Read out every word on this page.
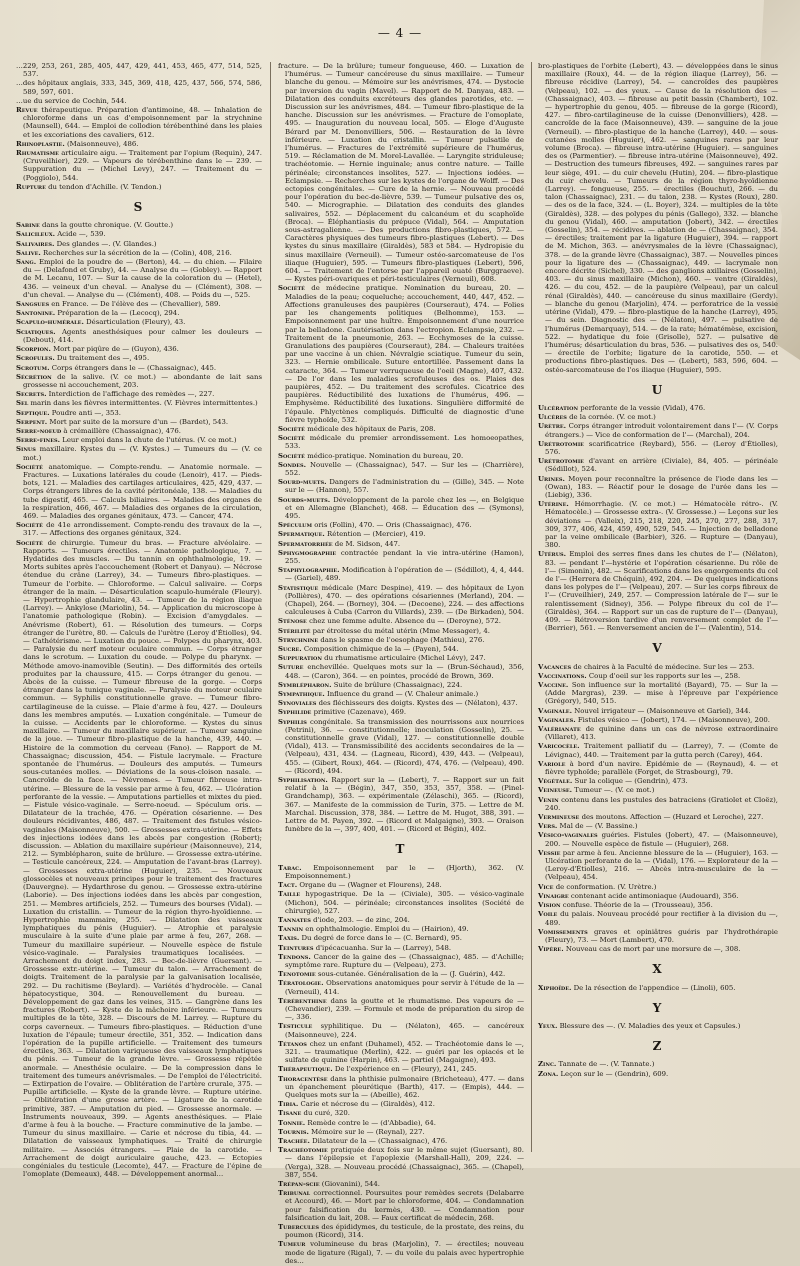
— 4 —
…229, 253, 261, 285, 405, 447, 429, 441, 453, 465, 477, 514, 525, 537.
…des hôpitaux anglais, 333, 345, 369, 418, 425, 437, 566, 574, 586, 589, 597, 601.
…ue du service de Cochin, 544.
Revue thérapeutique. Préparation d'antimoine, 48. — Inhalation de chloroforme dans un cas d'empoisonnement par la strychnine (Maunsell), 644. — Emploi de collodion térébenthiné dans les plaies et les excoriations des cavaliers, 612.
Rhinoplastie. (Maisonneuve), 486.
Rhumatisme articulaire aigu. — Traitement par l'opium (Requin), 247. (Cruveilhier), 229. — Vapeurs de térébenthine dans le — 239. — Suppuration du — (Michel Levy), 247. — Traitement du — (Poggiolo), 544.
Rupture du tendon d'Achille. (V. Tendon.)
S
Sabine dans la goutte chronique. (V. Goutte.)
Salicileux. Acide —, 539.
Salivaires. Des glandes —. (V. Glandes.)
Salive. Recherches sur la sécrétion de la — (Colin), 408, 216.
Sang. Emploi de la poudre de — (Berton), 44. — du chien. — Filaire du — (Delafond et Gruby), 44. — Analyse du — (Gobley). — Rapport de M. Lecanu, 107. — Sur la cause de la coloration du — (Hetel), 436. — veineux d'un cheval. — Analyse du — (Clément), 308. — d'un cheval. — Analyse du — (Clément), 408. — Poids du —, 525.
Sangsues en France. — De l'élève des — (Chevallier), 589.
Santonine. Préparation de la — (Lecocq), 294.
Scapulo-humérale. Désarticulation (Fleury), 43.
Sciatiques. Agents anesthésiques pour calmer les douleurs — (Debout), 414.
Scorpion. Mort par piqûre de — (Guyon), 436.
Scrofules. Du traitement des —, 495.
Scrotum. Corps étrangers dans le — (Chassaignac), 445.
Sécrétion de la salive. (V. ce mot.) — abondante de lait sans grossesse ni accouchement, 203.
Secrets. Interdiction de l'affichage des remèdes —, 227.
Sel marin dans les fièvres intermittentes. (V. Fièvres intermittentes.)
Septique. Poudre anti —, 353.
Serpent. Mort par suite de la morsure d'un — (Bardet), 543.
Serre-noeud à crémaillère (Chassaignac), 476.
Serre-fines. Leur emploi dans la chute de l'utérus. (V. ce mot.)
Sinus maxillaire. Kystes du — (V. Kystes.) — Tumeurs du — (V. ce mot.)
Société anatomique. — Compte-rendu. — Anatomie normale. — Fractures. — Luxations latérales du coude (Lenoir), 417. — Pieds-bots, 121. — Maladies des cartilages articulaires, 425, 429, 437. — Corps étrangers libres de la cavité péritonéale, 138. — Maladies du tube digestif, 465. — Calculs biliaires. — Maladies des organes de la respiration, 466, 467. — Maladies des organes de la circulation, 469. — Maladies des organes génitaux, 473. — Cancer, 474.
Société de 41e arrondissement. Compte-rendu des travaux de la —, 317. — Affections des organes génitaux, 324.
Société de chirurgie. Tumeur du bras. — Fracture alvéolaire. — Rapports. — Tumeurs érectiles. — Anatomie pathologique, 7. — Hydatides des muscles. — Du tannin en ophthalmologie, 19. — Morts subites après l'accouchement (Robert et Danyau). — Nécrose étendue du crâne (Larrey), 34. — Tumeurs fibro-plastiques. — Tumeur de l'orbite. — Chloroforme. — Calcul salivaire. — Corps étranger de la main. — Désarticulation scapulo-humérale (Fleury). — Hypertrophie glandulaire, 43. — Tumeur de la région iliaque (Larrey). — Ankylose (Mariolin), 54. — Application du microscope à l'anatomie pathologique (Robin). — Excision d'amygdales. — Anévrisme (Robert), 61. — Résolution des tumeurs. — Corps étranger de l'urètre, 80. — Calculs de l'urètre (Leroy d'Étiolles), 94. — Cathétérisme. — Luxation du pouce. — Polypes du pharynx, 403. — Paralysie du nerf moteur oculaire commun. — Corps étranger dans le scrotum. — Luxation du coude. — Polype du pharynx. — Méthode amovo-inamovible (Seutin). — Des difformités des orteils produites par la chaussure, 415. — Corps étranger du genou. — Abcès de la cuisse. — Tumeur fibreuse de la gorge. — Corps étranger dans la tunique vaginale. — Paralysie du moteur oculaire commun. — Syphilis constitutionnelle grave. — Tumeur fibro-cartilagineuse de la cuisse. — Plaie d'arme à feu, 427. — Douleurs dans les membres amputés. — Luxation congénitale. — Tumeur de la cuisse. — Accidents par le chloroforme. — Kystes du sinus maxillaire. — Tumeur du maxillaire supérieur. — Tumeur sanguine de la joue. — Tumeur fibro-plastique de la hanche, 439, 440. — Histoire de la commotion du cerveau (Fano). — Rapport de M. Chassaignac; discussion, 454. — Fistule lacrymale. — Fracture spontanée de l'humérus. — Douleurs des amputés. — Tumeurs sous-cutanées molles. — Déviations de la sous-cloison nasale. — Cancroïde de la face. — Névromes. — Tumeur fibreuse intra-utérine. — Blessure de la vessie par arme à feu, 462. — Ulcération perforante de la vessie. — Amputations partielles et mixtes du pied. — Fistule vésico-vaginale. — Serre-noeud. — Spéculum oris. — Dilatateur de la trachée, 476. — Opération césarienne. — Des douleurs récidivantes, 486, 487. — Traitement des fistules vésico-vaginales (Maisonneuve), 500. — Grossesses extra-utérine. — Effets des injections iodées dans les abcès par congestion (Robert); discussion. — Ablation du maxillaire supérieur (Maisonneuve), 214, 212. — Symblépharon, suite de brûlure. — Grossesse extra-utérine. — Testicule cancéreux, 224. — Amputation de l'avant-bras (Larrey). — Grossesses extra-utérine (Huguier), 235. — Nouveaux glossocèles et nouveaux principes pour le traitement des fractures (Dauvergne). — Hydarthrose du genou. — Grossesse extra-utérine (Laborie). — Des injections iodées dans les abcès par congestion, 251. — Membres artificiels, 252. — Tumeurs des bourses (Vidal). — Luxation du cristallin. — Tumeur de la région thyro-hyoïdienne. — Hypertrophie mammaire, 255. — Dilatation des vaisseaux lymphatiques du pénis (Huguier). — Atrophie et paralysie musculaire à la suite d'une plaie par arme à feu, 267, 268. — Tumeur du maxillaire supérieur. — Nouvelle espèce de fistule vésico-vaginale. — Paralysies traumatiques localisées. — Arrachement du doigt index, 283. — Bec-de-lièvre (Guersant). — Grossesse extr.-utérine. — Tumeur du talon. — Arrachement de doigts. Traitement de la paralysie par la galvanisation localisée, 292. — Du rachitisme (Beylard). — Variétés d'hydrocèle. — Canal hépatocystique, 304. — Renouvellement du bureau. — Développement de gaz dans les veines, 315. — Gangrène dans les fractures (Robert). — Kyste de la mâchoire inférieure. — Tumeurs multiples de la tête, 328. — Discours de M. Larrey. — Rupture du corps caverneux. — Tumeurs fibro-plastiques. — Réduction d'une luxation de l'épaule; tumeur érectile, 351, 352. — Indication dans l'opération de la pupille artificielle. — Traitement des tumeurs érectiles, 363. — Dilatation variqueuse des vaisseaux lymphatiques du pénis. — Tumeur de la grande lèvre. — Grossesse répétée anormale. — Anesthésie oculaire. — De la compression dans le traitement des tumeurs anévrismales. — De l'emploi de l'électricité. — Extirpation de l'ovaire. — Oblitération de l'artère crurale, 375. — Pupille artificielle. — Kyste de la grande lèvre. — Rupture utérine. — Oblitération d'une grosse artère. — Ligature de la carotide primitive, 387. — Amputation du pied. — Grossesse anormale. — Instruments nouveaux, 399. — Agents anesthésiques. — Plaie d'arme à feu à la bouche. — Fracture comminutive de la jambe. — Tumeur du sinus maxillaire. — Carie et nécrose du tibia, 44. — Dilatation de vaisseaux lymphatiques. — Traité de chirurgie militaire. — Associés étrangers. — Plaie de la carotide. — Arrachement de doigt auriculaire gauche, 423. — Ectopies congéniales du testicule (Lecomte), 447. — Fracture de l'épine de l'omoplate (Demeaux), 448. — Développement anormal…
fracture. — De la brûlure; tumeur fongueuse, 460. — Luxation de l'humérus. — Tumeur cancéreuse du sinus maxillaire. — Tumeur blanche du genou. — Mémoire sur les anévrismes, 474. — Dystocie par inversion du vagin (Mavel). — Rapport de M. Danyau, 483. — Dilatation des conduits excréteurs des glandes parotides, etc. — Discussion sur les anévrismes, 484. — Tumeur fibro-plastique de la hanche. Discussion sur les anévrismes. — Fracture de l'omoplate, 495. — Inauguration du nouveau local, 505. — Éloge d'Auguste Bérard par M. Denonvilliers, 506. — Restauration de la lèvre inférieure. — Luxation du cristallin. — Tumeur pulsatile de l'humérus. — Fractures de l'extrémité supérieure de l'humérus, 519. — Réclamation de M. Morel-Lavallée. — Laryngite striduleuse; trachéotomie. — Hernie inguinale; anus contre nature. — Taille périnéale; circonstances insolites, 527. — Injections iodées. — Eclampsie. — Recherches sur les kystes de l'organe de Wolff. — Des ectopies congénitales. — Cure de la hernie. — Nouveau procédé pour l'opération du bec-de-lièvre, 539. — Tumeur pulsative des os, 540. — Micrographie. — Dilatation des conduits des glandes salivaires, 552. — Déplacement du calcanéum et du scaphoïde (Broca). — Éléphantiasis du prépuce (Vidal), 564. — Amputation sous-astragalienne. — Des productions fibro-plastiques, 572. — Caractères physiques des tumeurs fibro-plastiques (Lebert). — Des kystes du sinus maxillaire (Giraldès), 583 et 584. — Hydropisie du sinus maxillaire (Verneuil). — Tumeur ostéo-sarcomateuse de l'os iliaque (Huguier), 595. — Tumeurs fibro-plastiques (Lebert), 596, 604. — Traitement de l'entorse par l'appareil ouaté (Burggraeve). — Kystes péri-ovariques et péri-testiculaires (Verneuil), 608.
Société de médecine pratique. Nomination du bureau, 20. — Maladies de la peau; coqueluche; accouchement, 440, 447, 452. — Affections granuleuses des paupières (Courseraut), 474. — Folies par les changements politiques (Belhomme), 153. — Empoisonnement par une huître. Empoisonnement d'une nourrice par la belladone. Cautérisation dans l'ectropion. Eclampsie, 232. — Traitement de la pneumonie, 263. — Ecchymoses de la cuisse. Granulations des paupières (Courseraut), 284. — Chaleurs traitées par une vaccine à un chien. Névralgie sciatique. Tumeur du sein, 323. — Hernie ombilicale. Suture entortillée. Passement dans la cataracte, 364. — Tumeur verruqueuse de l'oeil (Magne), 407, 432. — De l'or dans les maladies scrofuleuses des os. Plaies des paupières, 452. — Du traitement des scrofules. Cicatrice des paupières. Réductibilité des luxations de l'humérus, 496. — Emphysème. Réductibilité des luxations. Singulière difformité de l'épaule. Phlyctènes compliqués. Difficulté de diagnostic d'une fièvre typhoïde, 532.
Société médicale des hôpitaux de Paris, 208.
Société médicale du premier arrondissement. Les homoeopathes, 533.
Société médico-pratique. Nomination du bureau, 20.
Sondes. Nouvelle — (Chassaignac), 547. — Sur les — (Charrière), 552.
Sourd-muets. Dangers de l'administration du — (Gille), 345. — Note sur le — (Hannon), 557.
Sourds-muets. Développement de la parole chez les —, en Belgique et en Allemagne (Blanchet), 468. — Éducation des — (Symons), 495.
Spéculum oris (Follin), 470. — Oris (Chassaignac), 476.
Spermatique. Rétention — (Mercier), 419.
Spermatorrhée de M. Sidson, 447.
Sphygmographie contractée pendant la vie intra-utérine (Hamon), 255.
Staphylographie. Modification à l'opération de — (Sédillot), 4, 4, 444. — (Gariel), 489.
Statistique médicale (Marc Despine), 419. — des hôpitaux de Lyon (Pollières), 470. — des opérations césariennes (Merland), 204. — (Chapel), 264. — (Borney), 304. — (Decoene), 224. — des affections calculeuses à Cuba (Carron du Villards), 239. — (De Birkaden), 504.
Sténose chez une femme adulte. Absence du — (Deroyne), 572.
Stérilité par étroitesse du métal utérin (Mme Messager), 4.
Strychnine dans le spasme de l'oesophage (Mathieu), 276.
Sucre. Composition chimique de la — (Payen), 544.
Suppuration du rhumatisme articulaire (Michel Lévy), 247.
Suture enchevillée. Quelques mots sur la — (Brun-Séchaud), 356, 448. — (Caron), 364. — en pointes, procédé de Brown, 369.
Symblépharon. Suite de brûlure (Chassaignac), 224.
Sympathique. Influence du grand — (V. Chaleur animale.)
Synoviales des fléchisseurs des doigts. Kystes des — (Nélaton), 437.
Syphilide primitive (Cazenave), 469.
Syphilis congénitale. Sa transmission des nourrissons aux nourrices (Petrini), 36. — constitutionnelle; inoculation (Gosselin), 25. — constitutionnelle grave (Vidal), 127. — constitutionnelle double (Vidal), 413. — Transmissibilité des accidents secondaires de la — (Velpeau), 431, 434. — (Lagneau, Ricord), 439, 443. — (Velpeau), 455. — (Gibert, Roux), 464. — (Ricord), 474, 476. — (Velpeau), 490. — (Ricord), 494.
Syphilisation. Rapport sur la — (Lebert), 7. — Rapport sur un fait relatif à la — (Bégin), 347, 350, 353, 357, 358. — (Pinel-Grandchamp), 363. — expérimentale (Zélaschi), 365. — (Ricord), 367. — Manifeste de la commission de Turin, 375. — Lettre de M. Marchal. Discussion, 378, 384. — Lettre de M. Hugot, 388, 391. — Lettre de M. Payen, 392. — (Ricord et Malgaigne), 393. — Oraison funèbre de la —, 397, 400, 401. — (Ricord et Bégin), 402.
T
Tabac. Empoisonnement par le — (Hjorth), 362. (V. Empoisonnement.)
Tact. Organe du — (Wagner et Flourens), 248.
Taille hypogastrique. De la — (Civiale), 305. — vésico-vaginale (Michon), 504. — périnéale; circonstances insolites (Société de chirurgie), 527.
Tannates d'iode, 203. — de zinc, 204.
Tannin en ophthalmologie. Emploi du — (Hairion), 49.
Taxis. Du degré de force dans le — (C. Bernard), 95.
Teintures d'ipécacuanha. Sur la — (Larrey), 548.
Tendons. Cancer de la gaine des — (Chassaignac), 485. — d'Achille; symptôme rare. Rupture du — (Velpeau), 273.
Tenotomie sous-cutanée. Généralisation de la — (J. Guérin), 442.
Tératologie. Observations anatomiques pour servir à l'étude de la — (Verneuil), 414.
Térébenthine dans la goutte et le rhumatisme. Des vapeurs de — (Chevandier), 239. — Formule et mode de préparation du sirop de —, 336.
Testicule syphilitique. Du — (Nélaton), 465. — cancéreux (Maisonneuve), 224.
Tétanos chez un enfant (Duhamel), 452. — Trachéotomie dans le —, 321. — traumatique (Merlin), 422. — guéri par les opiacés et le sulfate de quinine (Harpin), 463. — partiel (Magaigne), 493.
Thérapeutique. De l'expérience en — (Fleury), 241, 245.
Thoracentèse dans la phthisie pulmonaire (Bricheteau), 477. — dans un épanchement pleurétique (Barth), 417. — (Empis), 444. — Quelques mots sur la — (Abeille), 462.
Tibia. Carie et nécrose du — (Giraldès), 412.
Tisane du curé, 320.
Tonnie. Remède contre le — (d'Abbadie), 64.
Tournis. Mémoire sur le — (Reynal), 227.
Trachée. Dilatateur de la — (Chassaignac), 476.
Trachéotomie pratiquée deux fois sur le même sujet (Guersant), 80. — dans l'épilepsie et l'apoplexie (Marshall-Hall), 209, 224. — (Verga), 328. — Nouveau procédé (Chassaignac), 365. — (Chapel), 387, 554.
Trépan-scie (Giovanini), 544.
Tribunal correctionnel. Poursuites pour remèdes secrets (Delabarre et Accourd), 46. — Mort par le chloroforme, 404. — Condamnation pour falsification du kermès, 430. — Condamnation pour falsification du lait, 208. — Faux certificat de médecin, 268.
Tubercules des épididymes, du testicule, de la prostate, des reins, du poumon (Ricord), 314.
Tumeur volumineuse du bras (Marjolin), 7. — érectiles; nouveau mode de ligature (Rigal), 7. — du voile du palais avec hypertrophie des…
bro-plastiques de l'orbite (Lebert), 43. — développées dans le sinus maxillaire (Roux), 44. — de la région iliaque (Larrey), 56. — fibreuse récidive (Larrey), 54. — cancroïdes des paupières (Velpeau), 102. — des yeux. — Cause de la résolution des — (Chassaignac), 403. — fibreuse au petit bassin (Chambert), 102. — hypertrophie du genou, 405. — fibreuse de la gorge (Ricord), 427. — fibro-cartilagineuse de la cuisse (Denonvilliers), 428. — cancroïde de la face (Maisonneuve), 439. — sanguine de la joue (Verneuil). — fibro-plastique de la hanche (Larrey), 440. — sous-cutanées molles (Huguier), 462. — sanguines rares par leur volume (Broca). — fibreuse intra-utérine (Huguier). — sanguines des os (Parmentier). — fibreuse intra-utérine (Maisonneuve), 492. — Destruction des tumeurs fibreuses, 492. — sanguines rares par leur siège, 491. — du cuir chevelu (Hutin), 204. — fibro-plastique du cuir chevelu. — Tumeurs de la région thyro-hyoïdienne (Larrey). — fongueuse, 255. — érectiles (Bouchut), 266. — du talon (Chassaignac), 231. — du talon, 238. — Kystes (Roux), 280. — des os de la face, 324. — (L. Boyer), 324. — multiples de la tête (Giraldès), 328. — des polypes du pénis (Gallego), 332. — blanche du genou (Vidal), 460. — amputation (Jobert), 342. — érectiles (Gosselin), 354. — récidives. — ablation de — (Chassaignac), 354. — érectiles; traitement par la ligature (Huguier), 394. — rapport de M. Michon, 363. — anévrysmales de la lèvre (Chassaignac), 378. — de la grande lèvre (Chassaignac), 387. — Nouvelles pinces pour la ligature des — (Chassaignac), 449. — lacrymale non encore décrite (Sichel), 330. — des ganglions axillaires (Gosselin), 403. — du sinus maxillaire (Michon), 460. — ventre (Giraldès), 426. — du cou, 452. — de la paupière (Velpeau), par un calcul rénal (Giraldès), 440. — cancéreuse du sinus maxillaire (Gerdy). — blanche du genou (Marjolin), 474. — perforatrice de la vessie utérine (Vidal), 479. — fibro-plastique de la hanche (Larrey), 495. — du sein. Diagnostic des — (Nélaton), 497. — pulsative de l'humérus (Demarquay), 514. — de la rate; hématémèse, excision, 522. — hydatique du foie (Grisolle), 527. — pulsative de l'humérus; désarticulation du bras, 536. — pulsatives des os, 540. — érectile de l'orbite; ligature de la carotide, 550. — et productions fibro-plastiques. Des — (Lebert), 583, 596, 604. — ostéo-sarcomateuse de l'os iliaque (Huguier), 595.
U
Ulcération perforante de la vessie (Vidal), 476.
Ulcères de la cornée. (V. ce mot.)
Urètre. Corps étranger introduit volontairement dans l'— (V. Corps étrangers.) — Vice de conformation de l'— (Marchal), 204.
Urétrotomie scarificatrice (Reybard), 556. — (Leroy d'Étiolles), 576.
Urétrotomie d'avant en arrière (Civiale), 84, 405. — périnéale (Sédillot), 524.
Urines. Moyen pour reconnaître la présence de l'iode dans les — (Owan), 183. — Réactif pour le dosage de l'urée dans les — (Liebig), 336.
Utérine. Hémorrhagie. (V. ce mot.) — Hématocèle rétro-. (V. Hématocèle.) — Grossesse extra-. (V. Grossesse.) — Leçons sur les déviations — (Valleix), 215, 218, 220, 245, 270, 277, 288, 317, 309, 377, 406, 424, 459, 490, 529, 545. — Injection de belladone par la veine ombilicale (Barbier), 326. — Rupture — (Danyau), 380.
Utérus. Emploi des serres fines dans les chutes de l'— (Nélaton), 83. — pendant l'—hystérie et l'opération césarienne. Du rôle de l'— (Simonin), 482. — Scarifications dans les engorgements du col de l'— (Herrera de Chéquin), 492, 204. — De quelques indications dans les polypes de l'— (Velpeau), 207. — Sur les corps fibreux de l'— (Cruveilhier), 249, 257. — Compression latérale de l'— sur le ralentissement (Sidney), 356. — Polype fibreux du col de l'— (Giraldès), 364. — Rapport sur un cas de rupture de l'— (Danyau), 409. — Rétroversion tardive d'un renversement complet de l'— (Berrier), 561. — Renversement ancien de l'— (Valentin), 514.
V
Vacances de chaires à la Faculté de médecine. Sur les — 253.
Vaccinations. Coup d'oeil sur les rapports sur les —, 258.
Vaccine. Son influence sur la mortalité (Bayard), 75. — Sur la — (Adde Margras), 239. — mise à l'épreuve par l'expérience (Grégory), 540, 515.
Vaginale. Nouvel irrigateur — (Maisonneuve et Gariel), 344.
Vaginales. Fistules vésico — (Jobert), 174. — (Maisonneuve), 200.
Valérianate de quinine dans un cas de névrose extraordinaire (Villaret), 413.
Varicocèle. Traitement palliatif du — (Larrey), 7. — (Comte de Lévignac), 440. — Traitement par la gutta perch (Carey), 464.
Variole à bord d'un navire. Épidémie de — (Reynaud), 4. — et fièvre typhoïde; parallèle (Forget, de Strasbourg), 79.
Végétale. Sur la colique — (Gendrin), 473.
Veineuse. Tumeur —. (V. ce mot.)
Venin contenu dans les pustules des batraciens (Gratiolet et Cloëz), 240.
Vermineuse des moutons. Affection — (Huzard et Leroche), 227.
Vers. Mal de — (V. Bassine.)
Vésico-vaginales guéries. Fistules (Jobert), 47. — (Maisonneuve), 200. — Nouvelle espèce de fistule — (Huguier), 268.
Vessie par arme à feu. Ancienne blessure de la — (Huguier), 163. — Ulcération perforante de la — (Vidal), 176. — Explorateur de la — (Leroy-d'Étiolles), 216. — Abcès intra-musculaire de la — (Velpeau), 454.
Vice de conformation. (V. Urètre.)
Vinaigre contenant acide antimoniaque (Audouard), 356.
Vision confuse. Théorie de la — (Trousseau), 356.
Voile du palais. Nouveau procédé pour rectifier à la division du —, 489.
Vomissements graves et opiniâtres guéris par l'hydrothérapie (Fleury), 73. — Mort (Lambert), 470.
Vipère. Nouveau cas de mort par une morsure de —, 308.
X
Xiphoïde. De la résection de l'appendice — (Linoli), 605.
Y
Yeux. Blessure des —. (V. Maladies des yeux et Capsules.)
Z
Zinc. Tannate de —. (V. Tannate.)
Zona. Leçon sur le — (Gendrin), 609.
